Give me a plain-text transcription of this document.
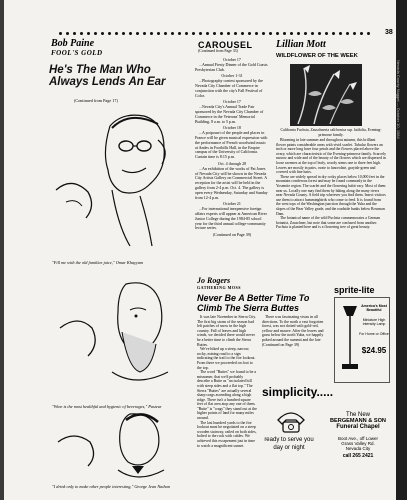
38
Bob Paine
FOOL'S GOLD
He's The Man Who Always Lends An Ear
(Continued from Page 17)
"Fill me with the old familiar juice," Omar Khayyam
"Wine is the most healthful and hygienic of beverages," Pasteur
"I drink only to make other people interesting," George Jean Nathan
CAROUSEL
(Continued from Page 33)
October 17

...Annual Fiesty Dinner of the Gold Coasts Presbyterian Club.

October 1-31

...Photography contest sponsored by the Nevada City Chamber of Commerce in conjunction with the city's Fall Festival of Color.

October 17

...Nevada City's Annual Trade Fair sponsored by the Nevada City Chamber of Commerce in the Veterans' Memorial Building, 8 a.m. to 5 p.m.

October 18

...A potpourri of the people and places in France will be given musical expression with the performance of French woodwind music at Andes in Foothills Hall, in the Empire campus of the University of California. Curtain time is 8:15 p.m.

Oct. 4 through 28

...An exhibition of the works of Pat Jones of Nevada City will be shown in the Nevada City Artists Gallery on Commercial Street. A reception for the artist will be held in the gallery from 2-4 p.m. Oct. 4. The gallery is open every Wednesday, Saturday and Sunday from 12-4 p.m.

October 21

...For international inexpensive foreign affairs experts will appear at American River Junior College during the 1984-85 school year for the third annual college-community lecture series.

(Continued on Page 39)
Lillian Mott
WILDFLOWER OF THE WEEK
California Fuchsia, Zauschneria californica ssp. latifolia, Evening-primrose family.

Blooming in late summer and throughout autumn, this brilliant flower paints considerable areas with vivid scarlet. Tubular flowers an inch or more long have four petals and the flowers placed above the ovary, which are characteristic of the Evening-primrose family. Scarcely narrow and wide and of the beauty of the flowers which are dispersed in loose racemes at the top of leafy, woody stems one to three feet high. Leaves are mostly in pairs, ovate to lanceolate, grayish-green and covered with fine hairs.

These are widely spread in dry rocky places below 10,000 feet in the mountain coniferous forest and may be found commonly in the Yosemite region. The scarlet and the flowering habit vary. Most of them near us. Locally one may find them by hiking along the many rivers near Nevada County. A field trip wherever you find them. Insect visitors use them to attract hummingbirds who come to feed. It is found from the west tops of the Washington junction through the Yuba and the slopes of the Bear Valley grade, and the roadside banks below Bowman Dam.

The botanical name of the wild Fuchsia commemorates a German botanist, Zauschner, but note that some are confused from another. Fuchsia is planted here and is a flowering tree of great beauty.

Jo Rogers
GATHERING MOSS
Never Be A Better Time To Climb The Sierra Buttes

It was late November in Sierra City. The first big storm of the season had left patches of snow in the high country. Fall of leaves and high winds, we decided there would never be a better time to climb the Sierra Buttes.

We've hiked up a steep, narrow, rocky, mining road to a sign indicating the trail to the fire lookout. From there we proceeded on foot to the top.

The word "Buttes" we found to be a misnomer, that we'd probably describe a Butte as "an isolated hill with steep sides and a flat top." The Sierra "Buttes" are actually several sharp crags ascending along a high ridge. There isn't a hundred square feet of flat area atop any one of them. "Butte" is "crags" they stand out at the higher points of land for many miles around.

The last hundred yards to the fire lookout must be negotiated on a steep wooden stairway, railed on both sides, bolted to the rock with cables. We achieved this escapement just in time to watch a magnificent sunset.

There was fascinating vistas in all directions. To the north a vast forgotten forest, was not dotted with gold-red, yellow and mauve. After the leaves and grass below the north Yuba, we happily poked around the summit and the late (Continued on Page 39)

sprite-lite
America's Most Beautiful
Miniature High Intensity Lamp
For Home or Office
$24.95
simplicity.....
ready to serve you day or night
The New
BERGEMANN & SON
Funeral Chapel
Boot Ave., off Lower
Grass Valley Rd.
Nevada City
call 265 2421
Nevada County Nugget — October 10, 1984
